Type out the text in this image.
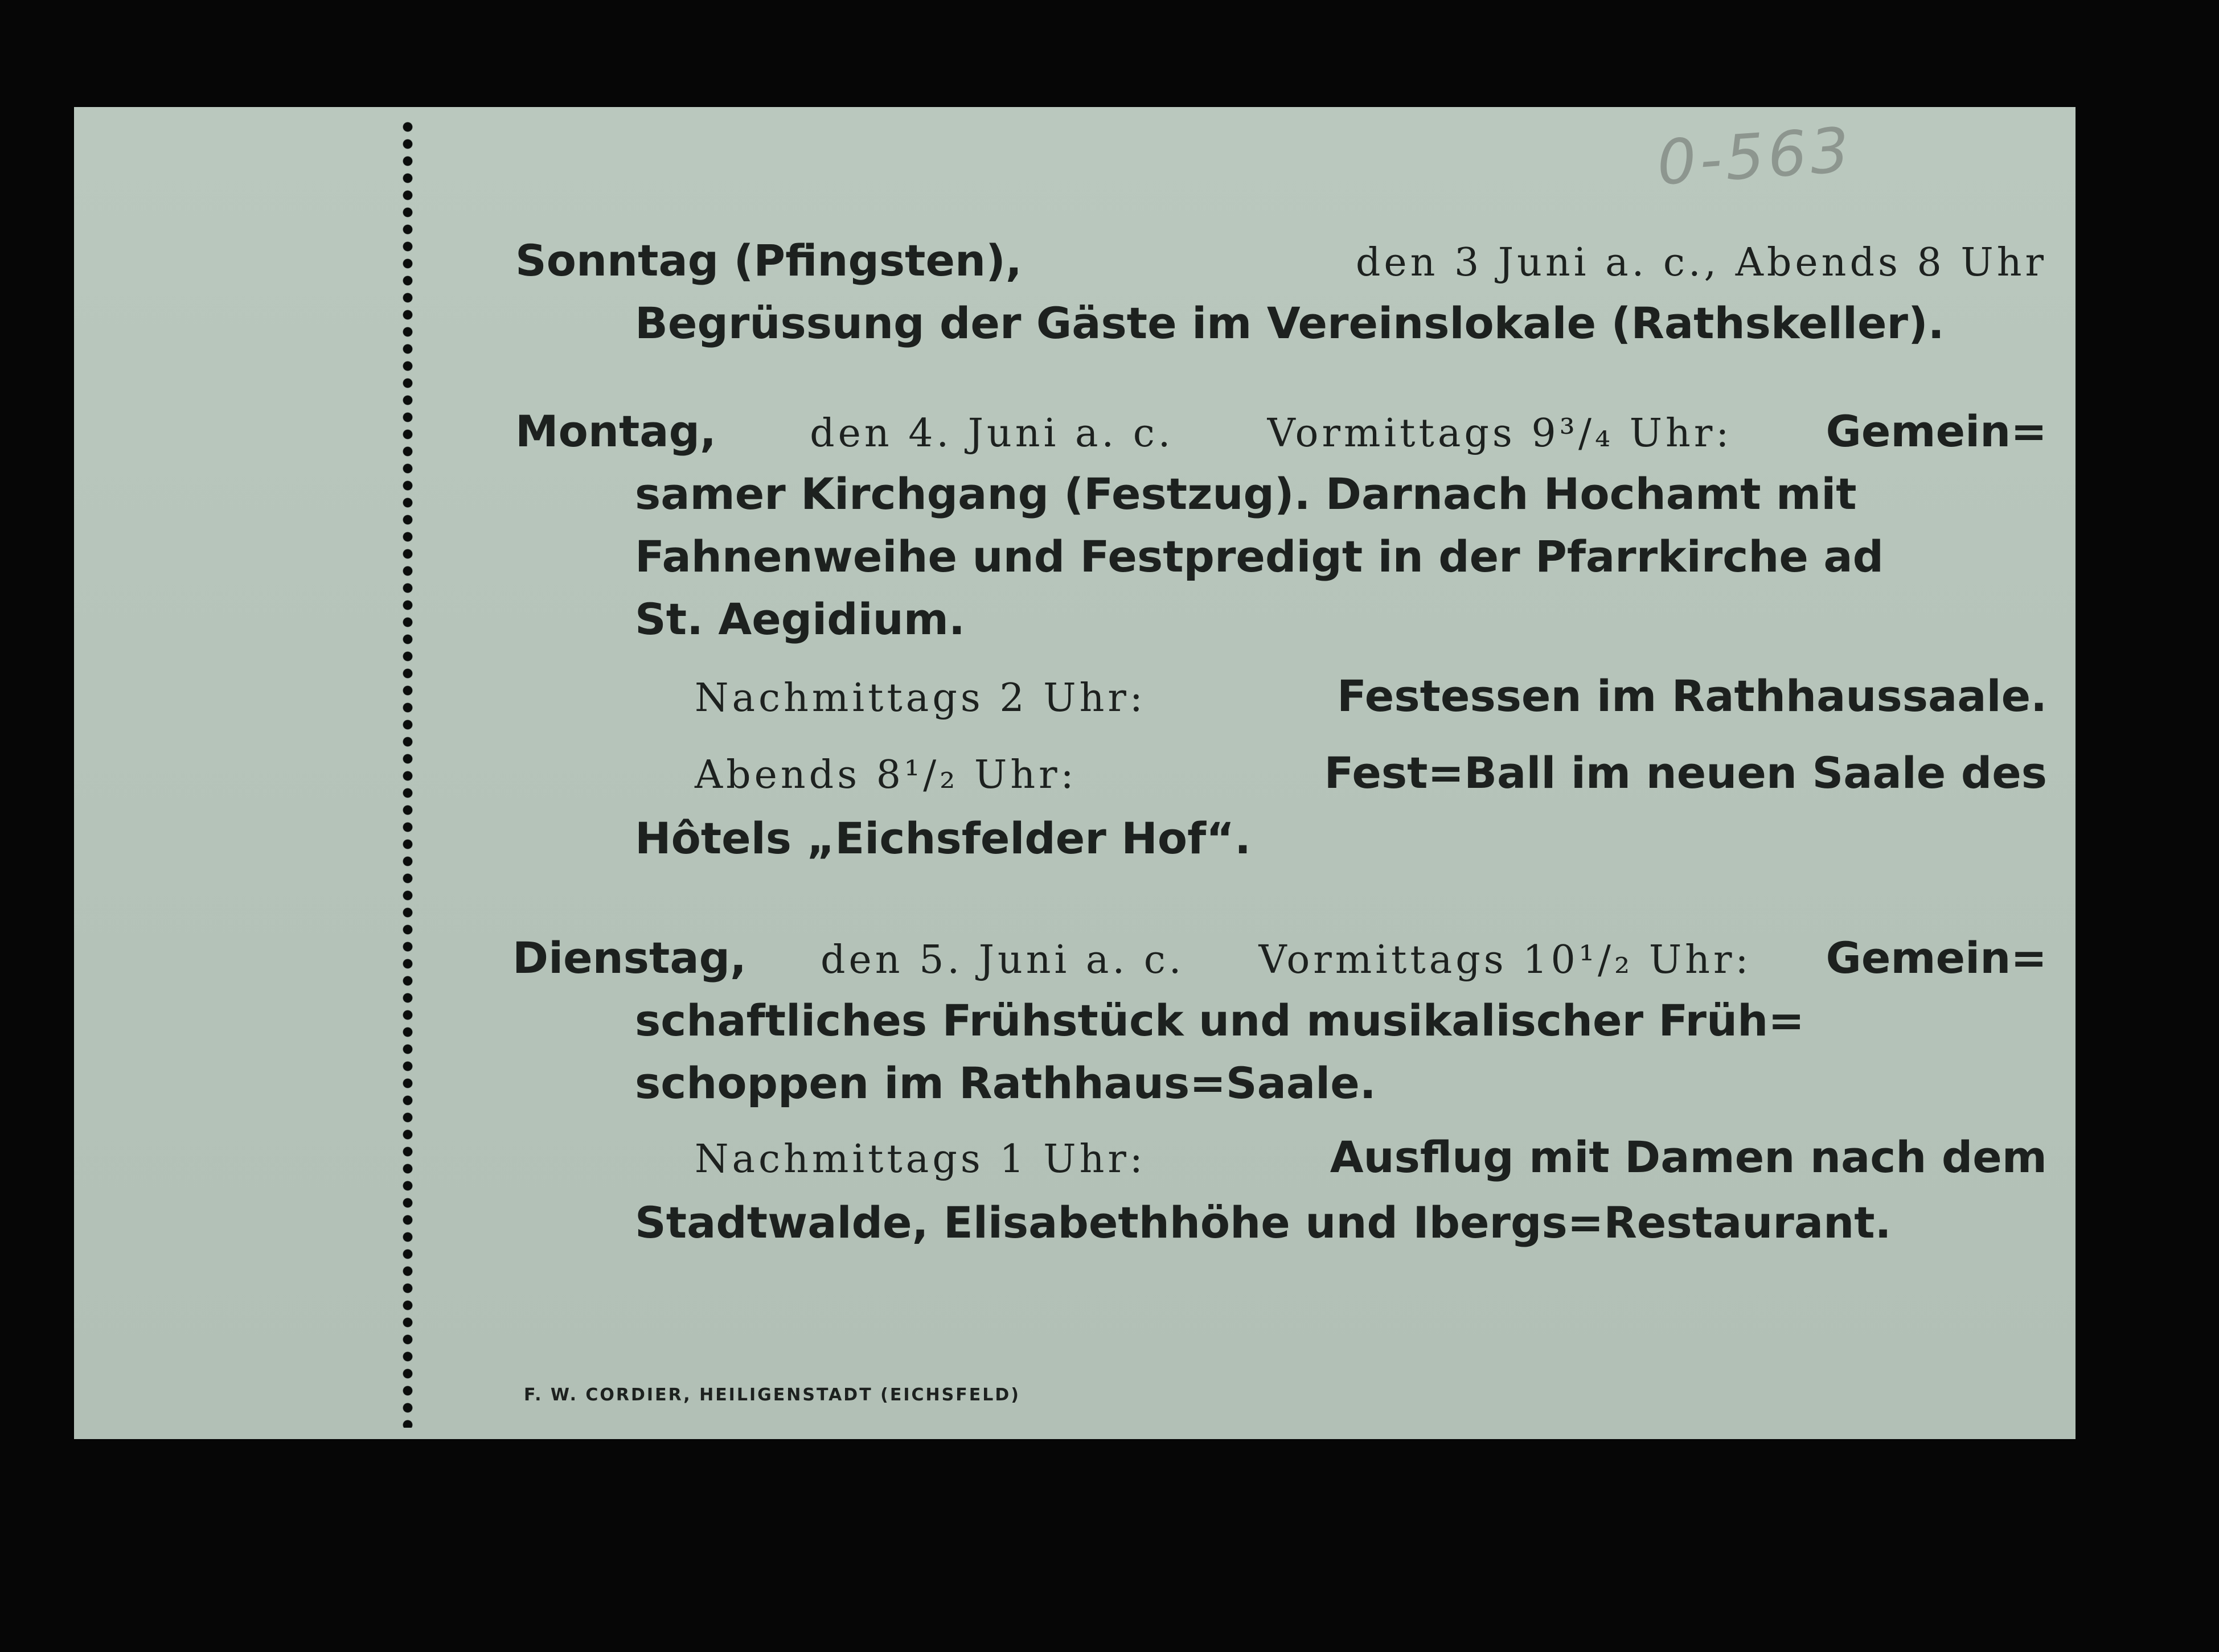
0-563
Sonntag (Pfingsten),	den 3 Juni a. c., Abends 8 Uhr
Begrüssung der Gäste im Vereinslokale (Rathskeller).
Montag, den 4. Juni a. c. Vormittags 9³/₄ Uhr: Gemein=
samer Kirchgang (Festzug). Darnach Hochamt mit
Fahnenweihe und Festpredigt in der Pfarrkirche ad
St. Aegidium.
Nachmittags 2 Uhr:	Festessen im Rathhaussaale.
Abends 8¹/₂ Uhr:	Fest=Ball im neuen Saale des
Hôtels „Eichsfelder Hof“.
Dienstag, den 5. Juni a. c. Vormittags 10¹/₂ Uhr: Gemein=
schaftliches Frühstück und musikalischer Früh=
schoppen im Rathhaus=Saale.
Nachmittags 1 Uhr:	Ausflug mit Damen nach dem
Stadtwalde, Elisabethhöhe und Ibergs=Restaurant.
F. W. CORDIER, HEILIGENSTADT (EICHSFELD)
